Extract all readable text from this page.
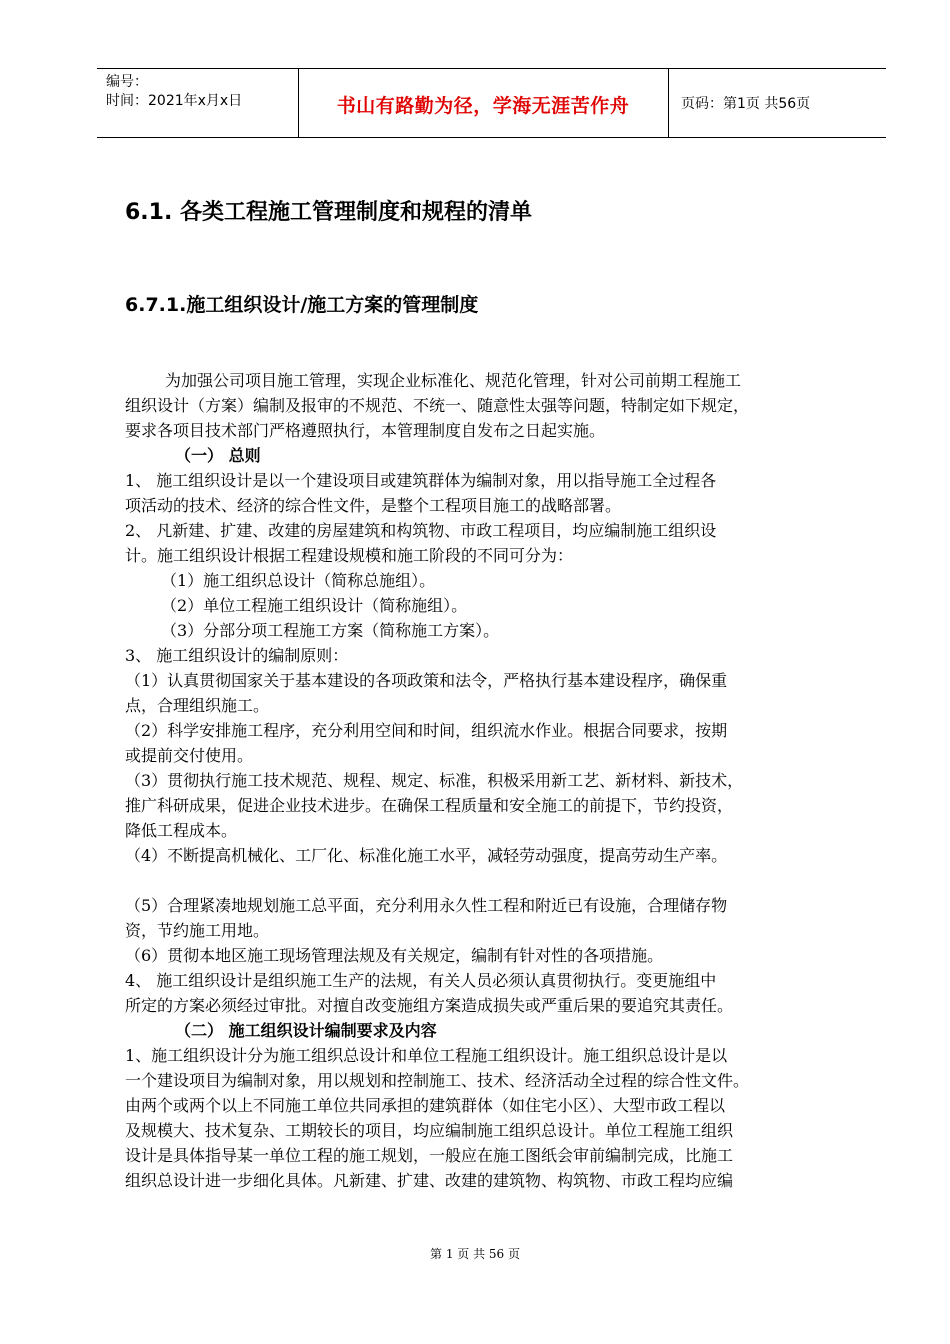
编号：
时间：2021年x月x日	书山有路勤为径，学海无涯苦作舟	页码：第1页 共56页
6.1. 各类工程施工管理制度和规程的清单
6.7.1.施工组织设计/施工方案的管理制度

为加强公司项目施工管理，实现企业标准化、规范化管理，针对公司前期工程施工

组织设计（方案）编制及报审的不规范、不统一、随意性太强等问题，特制定如下规定，

要求各项目技术部门严格遵照执行，本管理制度自发布之日起实施。

（一） 总则

1、 施工组织设计是以一个建设项目或建筑群体为编制对象，用以指导施工全过程各

项活动的技术、经济的综合性文件，是整个工程项目施工的战略部署。

2、 凡新建、扩建、改建的房屋建筑和构筑物、市政工程项目，均应编制施工组织设

计。施工组织设计根据工程建设规模和施工阶段的不同可分为：

（1）施工组织总设计（简称总施组）。

（2）单位工程施工组织设计（简称施组）。

（3）分部分项工程施工方案（简称施工方案）。

3、 施工组织设计的编制原则：

（1）认真贯彻国家关于基本建设的各项政策和法令，严格执行基本建设程序，确保重

点，合理组织施工。

（2）科学安排施工程序，充分利用空间和时间，组织流水作业。根据合同要求，按期

或提前交付使用。

（3）贯彻执行施工技术规范、规程、规定、标准，积极采用新工艺、新材料、新技术，

推广科研成果，促进企业技术进步。在确保工程质量和安全施工的前提下，节约投资，

降低工程成本。

（4）不断提高机械化、工厂化、标准化施工水平，减轻劳动强度，提高劳动生产率。

（5）合理紧凑地规划施工总平面，充分利用永久性工程和附近已有设施，合理储存物

资，节约施工用地。

（6）贯彻本地区施工现场管理法规及有关规定，编制有针对性的各项措施。

4、 施工组织设计是组织施工生产的法规，有关人员必须认真贯彻执行。变更施组中

所定的方案必须经过审批。对擅自改变施组方案造成损失或严重后果的要追究其责任。

（二） 施工组织设计编制要求及内容

1、施工组织设计分为施工组织总设计和单位工程施工组织设计。施工组织总设计是以

一个建设项目为编制对象，用以规划和控制施工、技术、经济活动全过程的综合性文件。

由两个或两个以上不同施工单位共同承担的建筑群体（如住宅小区）、大型市政工程以

及规模大、技术复杂、工期较长的项目，均应编制施工组织总设计。单位工程施工组织

设计是具体指导某一单位工程的施工规划，一般应在施工图纸会审前编制完成，比施工

组织总设计进一步细化具体。凡新建、扩建、改建的建筑物、构筑物、市政工程均应编

第 1 页 共 56 页
